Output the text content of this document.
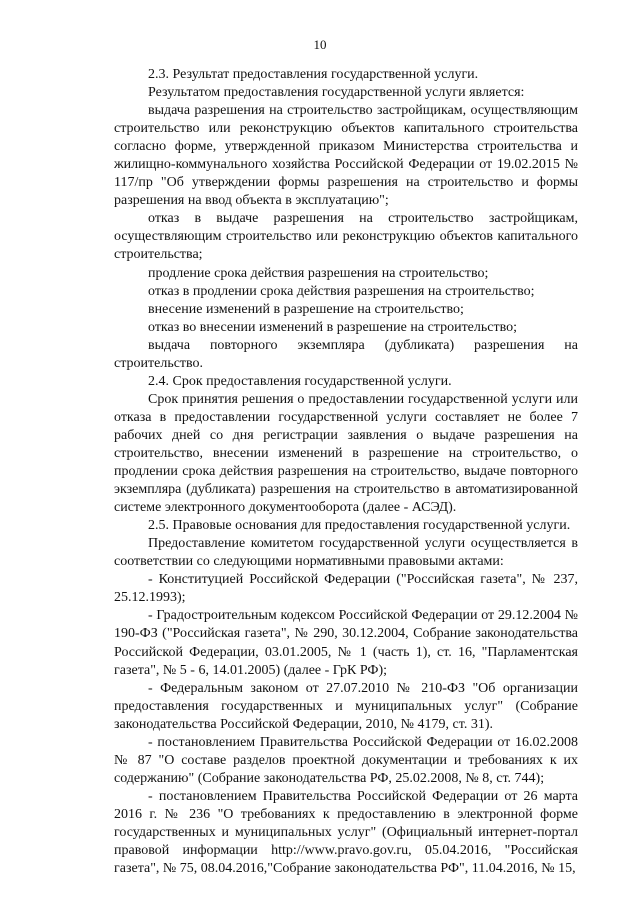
10

2.3. Результат предоставления государственной услуги.

Результатом предоставления государственной услуги является:

выдача разрешения на строительство застройщикам, осуществляющим строительство или реконструкцию объектов капитального строительства согласно форме, утвержденной приказом Министерства строительства и жилищно-коммунального хозяйства Российской Федерации от 19.02.2015 № 117/пр "Об утверждении формы разрешения на строительство и формы разрешения на ввод объекта в эксплуатацию";

отказ в выдаче разрешения на строительство застройщикам, осуществляющим строительство или реконструкцию объектов капитального строительства;

продление срока действия разрешения на строительство;

отказ в продлении срока действия разрешения на строительство;

внесение изменений в разрешение на строительство;

отказ во внесении изменений в разрешение на строительство;

выдача повторного экземпляра (дубликата) разрешения на строительство.

2.4. Срок предоставления государственной услуги.

Срок принятия решения о предоставлении государственной услуги или отказа в предоставлении государственной услуги составляет не более 7 рабочих дней со дня регистрации заявления о выдаче разрешения на строительство, внесении изменений в разрешение на строительство, о продлении срока действия разрешения на строительство, выдаче повторного экземпляра (дубликата) разрешения на строительство в автоматизированной системе электронного документооборота (далее - АСЭД).

2.5. Правовые основания для предоставления государственной услуги.

Предоставление комитетом государственной услуги осуществляется в соответствии со следующими нормативными правовыми актами:

- Конституцией Российской Федерации ("Российская газета", № 237, 25.12.1993);

- Градостроительным кодексом Российской Федерации от 29.12.2004 № 190-ФЗ ("Российская газета", № 290, 30.12.2004, Собрание законодательства Российской Федерации, 03.01.2005, № 1 (часть 1), ст. 16, "Парламентская газета", № 5 - 6, 14.01.2005) (далее - ГрК РФ);

- Федеральным законом от 27.07.2010 № 210-ФЗ "Об организации предоставления государственных и муниципальных услуг" (Собрание законодательства Российской Федерации, 2010, № 4179, ст. 31).

- постановлением Правительства Российской Федерации от 16.02.2008 № 87 "О составе разделов проектной документации и требованиях к их содержанию" (Собрание законодательства РФ, 25.02.2008, № 8, ст. 744);

- постановлением Правительства Российской Федерации от 26 марта 2016 г. № 236 "О требованиях к предоставлению в электронной форме государственных и муниципальных услуг" (Официальный интернет-портал правовой информации http://www.pravo.gov.ru, 05.04.2016, "Российская газета", № 75, 08.04.2016,"Собрание законодательства РФ", 11.04.2016, № 15,
